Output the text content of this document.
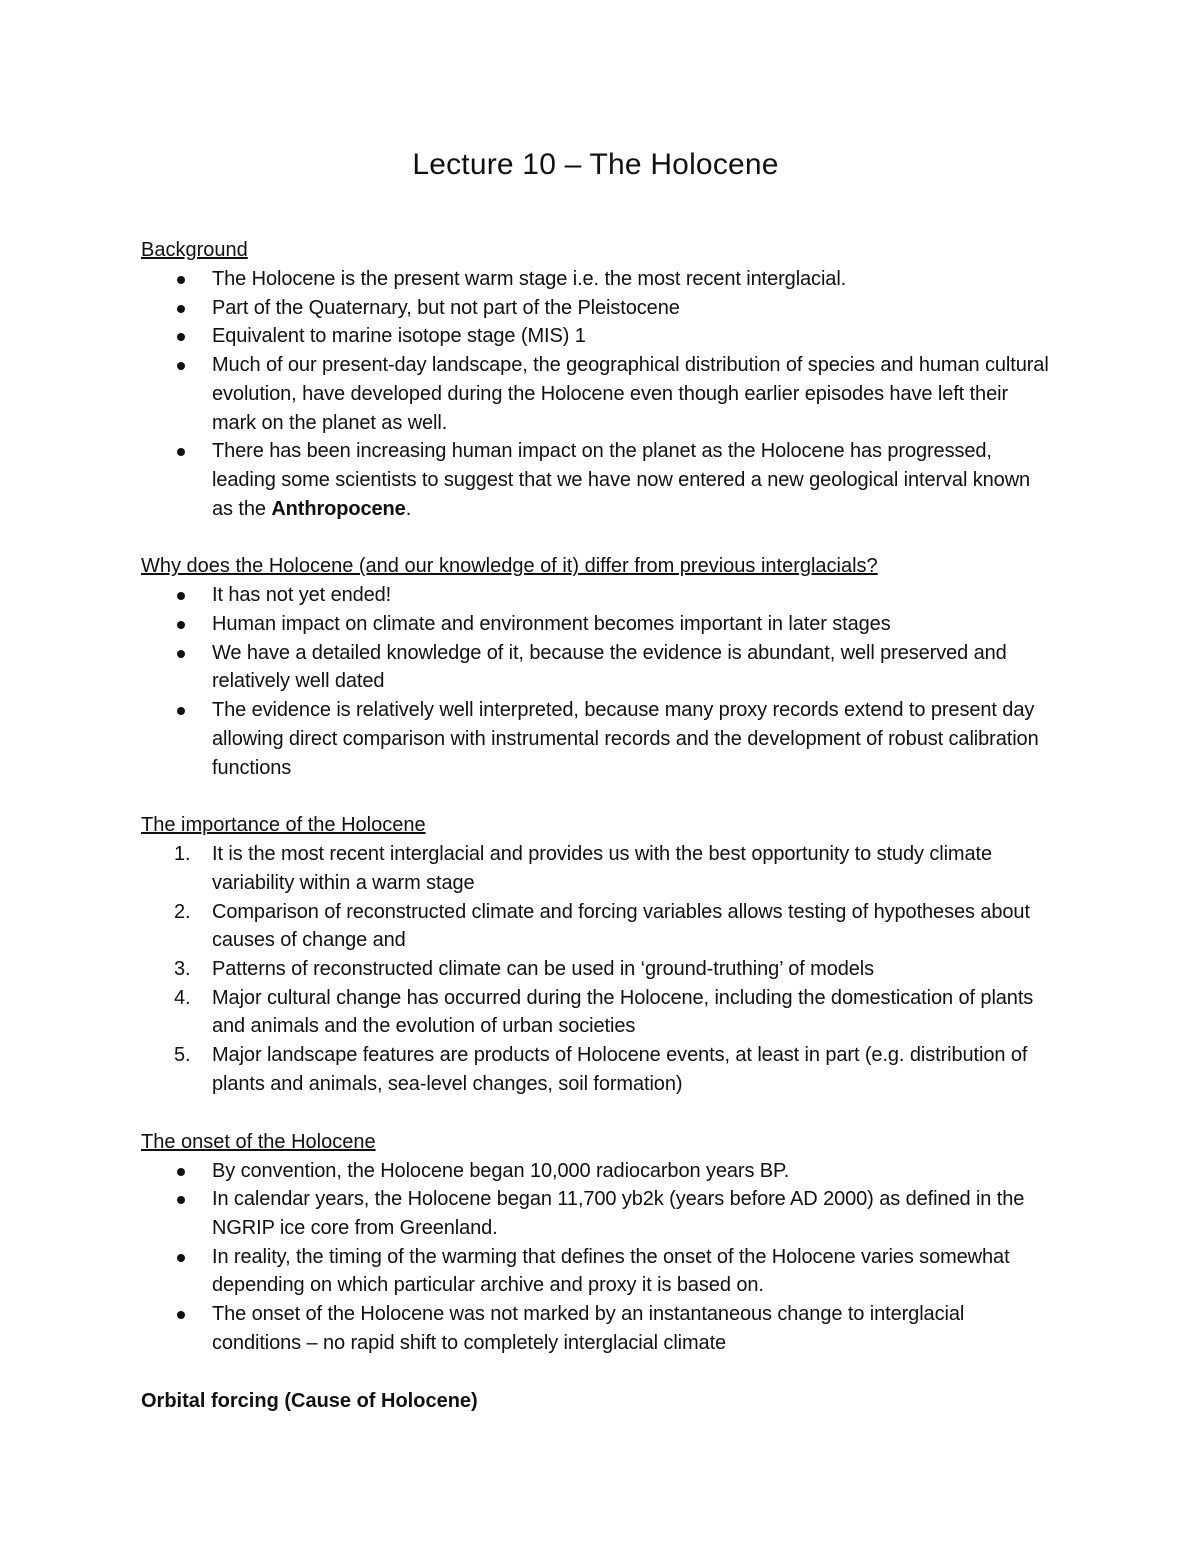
Lecture 10 – The Holocene
Background
The Holocene is the present warm stage i.e. the most recent interglacial.
Part of the Quaternary, but not part of the Pleistocene
Equivalent to marine isotope stage (MIS) 1
Much of our present-day landscape, the geographical distribution of species and human cultural evolution, have developed during the Holocene even though earlier episodes have left their mark on the planet as well.
There has been increasing human impact on the planet as the Holocene has progressed, leading some scientists to suggest that we have now entered a new geological interval known as the Anthropocene.
Why does the Holocene (and our knowledge of it) differ from previous interglacials?
It has not yet ended!
Human impact on climate and environment becomes important in later stages
We have a detailed knowledge of it, because the evidence is abundant, well preserved and relatively well dated
The evidence is relatively well interpreted, because many proxy records extend to present day allowing direct comparison with instrumental records and the development of robust calibration functions
The importance of the Holocene
1.	It is the most recent interglacial and provides us with the best opportunity to study climate variability within a warm stage
2.	Comparison of reconstructed climate and forcing variables allows testing of hypotheses about causes of change and
3.	Patterns of reconstructed climate can be used in ‘ground-truthing’ of models
4.	Major cultural change has occurred during the Holocene, including the domestication of plants and animals and the evolution of urban societies
5.	Major landscape features are products of Holocene events, at least in part (e.g. distribution of plants and animals, sea-level changes, soil formation)
The onset of the Holocene
By convention, the Holocene began 10,000 radiocarbon years BP.
In calendar years, the Holocene began 11,700 yb2k (years before AD 2000) as defined in the NGRIP ice core from Greenland.
In reality, the timing of the warming that defines the onset of the Holocene varies somewhat depending on which particular archive and proxy it is based on.
The onset of the Holocene was not marked by an instantaneous change to interglacial conditions – no rapid shift to completely interglacial climate
Orbital forcing (Cause of Holocene)
